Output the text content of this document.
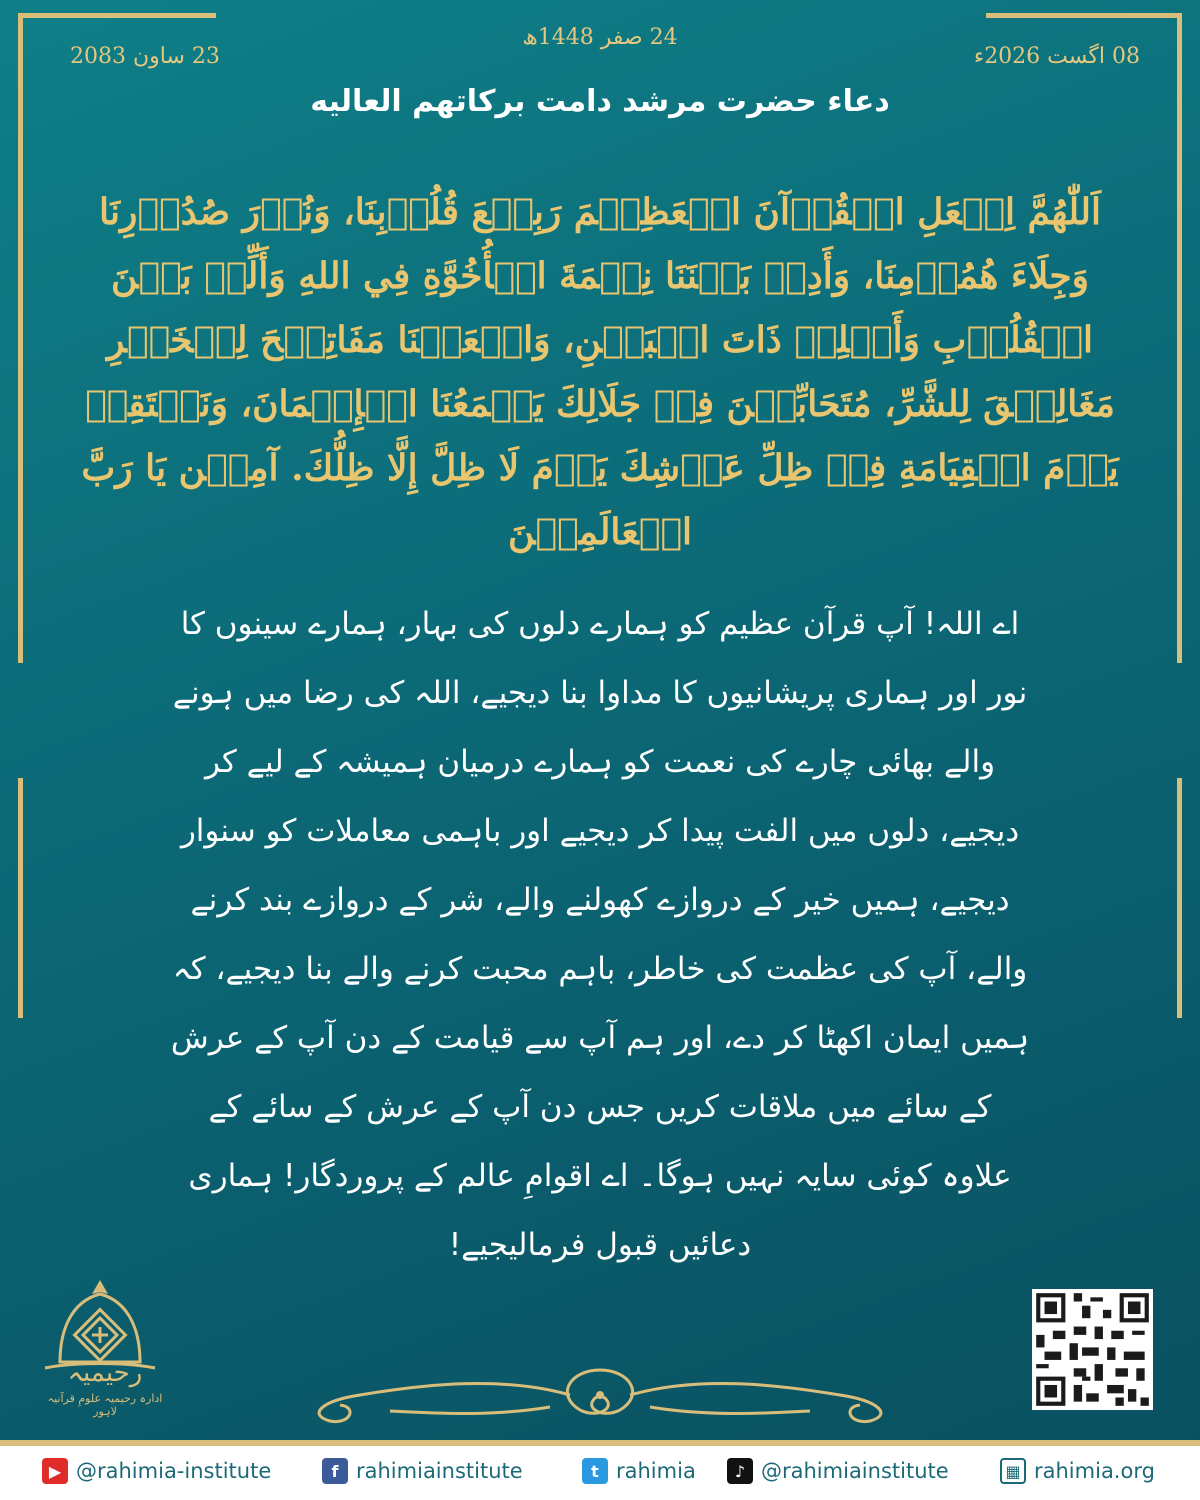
24 صفر 1448ھ
23 ساون 2083	08 اگست 2026ء
دعاء حضرت مرشد دامت برکاتهم العالیه
اَللّٰهُمَّ اِجۡعَلِ الۡقُرۡآنَ الۡعَظِيۡمَ رَبِيۡعَ قُلُوۡبِنَا، وَنُوۡرَ صُدُوۡرِنَا وَجِلَاءَ هُمُوۡمِنَا، وَأَدِمۡ بَيۡنَنَا نِعۡمَةَ الۡأُخُوَّةِ فِي اللهِ وَأَلِّفۡ بَيۡنَ الۡقُلُوۡبِ وَأَصۡلِحۡ ذَاتَ الۡبَيۡنِ، وَاجۡعَلۡنَا مَفَاتِيۡحَ لِلۡخَيۡرِ مَغَالِيۡقَ لِلشَّرِّ، مُتَحَابِّيۡنَ فِيۡ جَلَالِكَ يَجۡمَعُنَا الۡإِيۡمَانَ، وَنَلۡتَقِيۡ يَوۡمَ الۡقِيَامَةِ فِيۡ ظِلِّ عَرۡشِكَ يَوۡمَ لَا ظِلَّ إِلَّا ظِلُّكَ. آمِيۡن يَا رَبَّ الۡعَالَمِيۡنَ
اے اللہ! آپ قرآن عظیم کو ہمارے دلوں کی بہار، ہمارے سینوں کا نور اور ہماری پریشانیوں کا مداوا بنا دیجیے، اللہ کی رضا میں ہونے والے بھائی چارے کی نعمت کو ہمارے درمیان ہمیشہ کے لیے کر دیجیے، دلوں میں الفت پیدا کر دیجیے اور باہمی معاملات کو سنوار دیجیے، ہمیں خیر کے دروازے کھولنے والے، شر کے دروازے بند کرنے والے، آپ کی عظمت کی خاطر، باہم محبت کرنے والے بنا دیجیے، کہ ہمیں ایمان اکھٹا کر دے، اور ہم آپ سے قیامت کے دن آپ کے عرش کے سائے میں ملاقات کریں جس دن آپ کے عرش کے سائے کے علاوہ کوئی سایہ نہیں ہوگا۔ اے اقوامِ عالم کے پروردگار! ہماری دعائیں قبول فرمالیجیے!
رحیمیہ
ادارہ رحیمیہ علومِ قرآنیہ لاہور
▶ @rahimia-institute	f rahimiainstitute	t rahimia	♪ @rahimiainstitute	▦ rahimia.org
